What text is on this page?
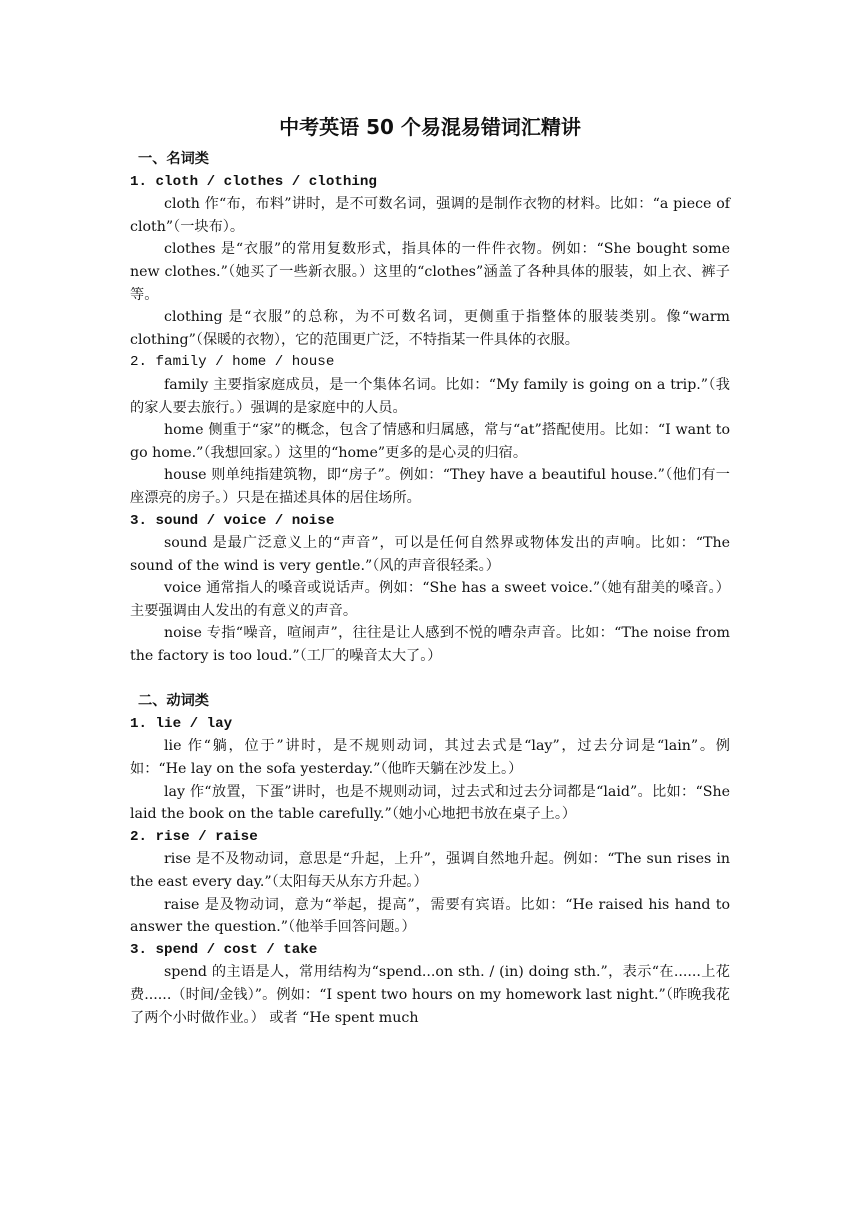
中考英语 50 个易混易错词汇精讲
一、名词类
1. cloth / clothes / clothing
cloth 作“布，布料”讲时，是不可数名词，强调的是制作衣物的材料。比如：“a piece of cloth”（一块布）。
clothes 是“衣服”的常用复数形式，指具体的一件件衣物。例如：“She bought some new clothes.”（她买了一些新衣服。）这里的“clothes”涵盖了各种具体的服装，如上衣、裤子等。
clothing 是“衣服”的总称，为不可数名词，更侧重于指整体的服装类别。像“warm clothing”（保暖的衣物），它的范围更广泛，不特指某一件具体的衣服。
2. family / home / house
family 主要指家庭成员，是一个集体名词。比如：“My family is going on a trip.”（我的家人要去旅行。）强调的是家庭中的人员。
home 侧重于“家”的概念，包含了情感和归属感，常与“at”搭配使用。比如：“I want to go home.”（我想回家。）这里的“home”更多的是心灵的归宿。
house 则单纯指建筑物，即“房子”。例如：“They have a beautiful house.”（他们有一座漂亮的房子。）只是在描述具体的居住场所。
3. sound / voice / noise
sound 是最广泛意义上的“声音”，可以是任何自然界或物体发出的声响。比如：“The sound of the wind is very gentle.”（风的声音很轻柔。）
voice 通常指人的嗓音或说话声。例如：“She has a sweet voice.”（她有甜美的嗓音。）主要强调由人发出的有意义的声音。
noise 专指“噪音，喧闹声”，往往是让人感到不悦的嘈杂声音。比如：“The noise from the factory is too loud.”（工厂的噪音太大了。）
二、动词类
1. lie / lay
lie 作“躺，位于”讲时，是不规则动词，其过去式是“lay”，过去分词是“lain”。例如：“He lay on the sofa yesterday.”（他昨天躺在沙发上。）
lay 作“放置，下蛋”讲时，也是不规则动词，过去式和过去分词都是“laid”。比如：“She laid the book on the table carefully.”（她小心地把书放在桌子上。）
2. rise / raise
rise 是不及物动词，意思是“升起，上升”，强调自然地升起。例如：“The sun rises in the east every day.”（太阳每天从东方升起。）
raise 是及物动词，意为“举起，提高”，需要有宾语。比如：“He raised his hand to answer the question.”（他举手回答问题。）
3. spend / cost / take
spend 的主语是人，常用结构为“spend...on sth. / (in) doing sth.”，表示“在......上花费......（时间/金钱）”。例如：“I spent two hours on my homework last night.”（昨晚我花了两个小时做作业。） 或者 “He spent much
